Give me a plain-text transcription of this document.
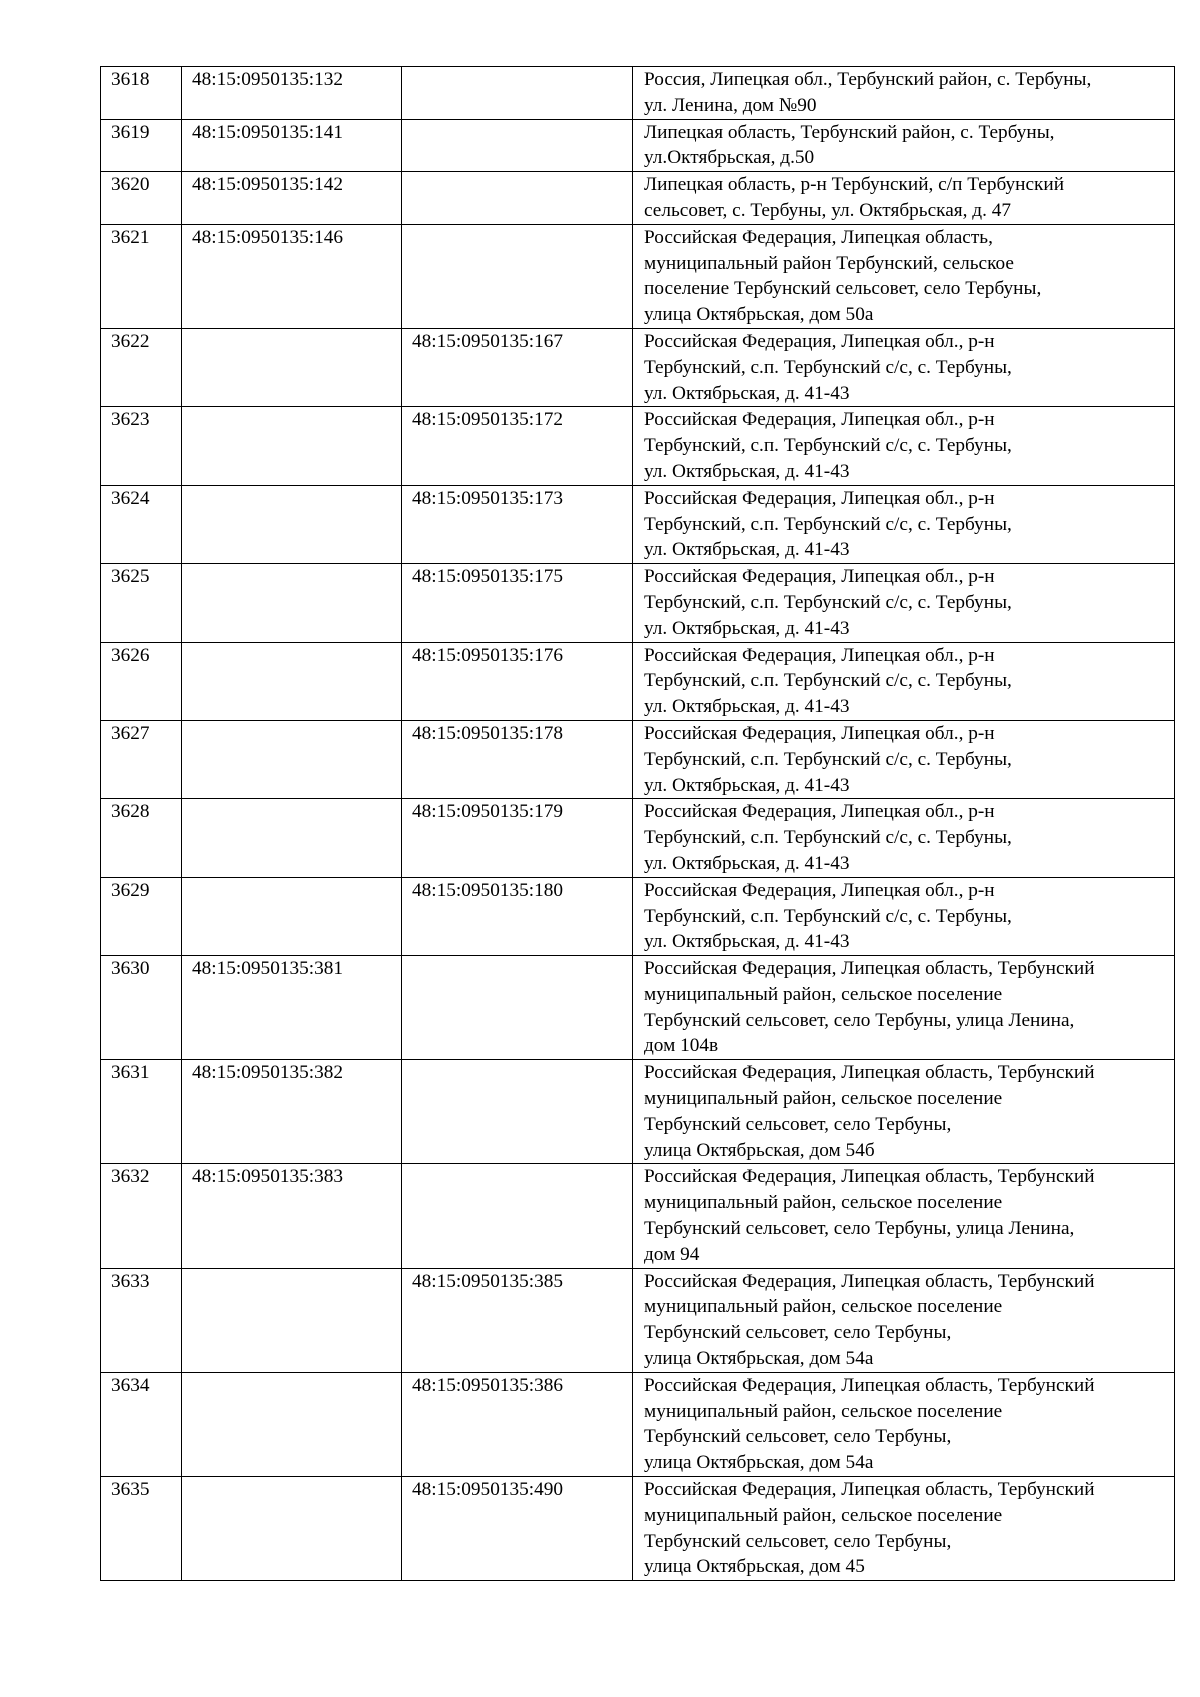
3618	48:15:0950135:132		Россия, Липецкая обл., Тербунский район, с. Тербуны,
ул. Ленина, дом №90

3619	48:15:0950135:141		Липецкая область, Тербунский район, с. Тербуны,
ул.Октябрьская, д.50

3620	48:15:0950135:142		Липецкая область, р-н Тербунский, с/п Тербунский
сельсовет, с. Тербуны, ул. Октябрьская, д. 47

3621	48:15:0950135:146		Российская Федерация, Липецкая область,
муниципальный район Тербунский, сельское
поселение Тербунский сельсовет, село Тербуны,
улица Октябрьская, дом 50а

3622		48:15:0950135:167	Российская Федерация, Липецкая обл., р-н
Тербунский, с.п. Тербунский с/с, с. Тербуны,
ул. Октябрьская, д. 41-43

3623		48:15:0950135:172	Российская Федерация, Липецкая обл., р-н
Тербунский, с.п. Тербунский с/с, с. Тербуны,
ул. Октябрьская, д. 41-43

3624		48:15:0950135:173	Российская Федерация, Липецкая обл., р-н
Тербунский, с.п. Тербунский с/с, с. Тербуны,
ул. Октябрьская, д. 41-43

3625		48:15:0950135:175	Российская Федерация, Липецкая обл., р-н
Тербунский, с.п. Тербунский с/с, с. Тербуны,
ул. Октябрьская, д. 41-43

3626		48:15:0950135:176	Российская Федерация, Липецкая обл., р-н
Тербунский, с.п. Тербунский с/с, с. Тербуны,
ул. Октябрьская, д. 41-43

3627		48:15:0950135:178	Российская Федерация, Липецкая обл., р-н
Тербунский, с.п. Тербунский с/с, с. Тербуны,
ул. Октябрьская, д. 41-43

3628		48:15:0950135:179	Российская Федерация, Липецкая обл., р-н
Тербунский, с.п. Тербунский с/с, с. Тербуны,
ул. Октябрьская, д. 41-43

3629		48:15:0950135:180	Российская Федерация, Липецкая обл., р-н
Тербунский, с.п. Тербунский с/с, с. Тербуны,
ул. Октябрьская, д. 41-43

3630	48:15:0950135:381		Российская Федерация, Липецкая область, Тербунский
муниципальный район, сельское поселение
Тербунский сельсовет, село Тербуны, улица Ленина,
дом 104в

3631	48:15:0950135:382		Российская Федерация, Липецкая область, Тербунский
муниципальный район, сельское поселение
Тербунский сельсовет, село Тербуны,
улица Октябрьская, дом 54б

3632	48:15:0950135:383		Российская Федерация, Липецкая область, Тербунский
муниципальный район, сельское поселение
Тербунский сельсовет, село Тербуны, улица Ленина,
дом 94

3633		48:15:0950135:385	Российская Федерация, Липецкая область, Тербунский
муниципальный район, сельское поселение
Тербунский сельсовет, село Тербуны,
улица Октябрьская, дом 54а

3634		48:15:0950135:386	Российская Федерация, Липецкая область, Тербунский
муниципальный район, сельское поселение
Тербунский сельсовет, село Тербуны,
улица Октябрьская, дом 54а

3635		48:15:0950135:490	Российская Федерация, Липецкая область, Тербунский
муниципальный район, сельское поселение
Тербунский сельсовет, село Тербуны,
улица Октябрьская, дом 45
